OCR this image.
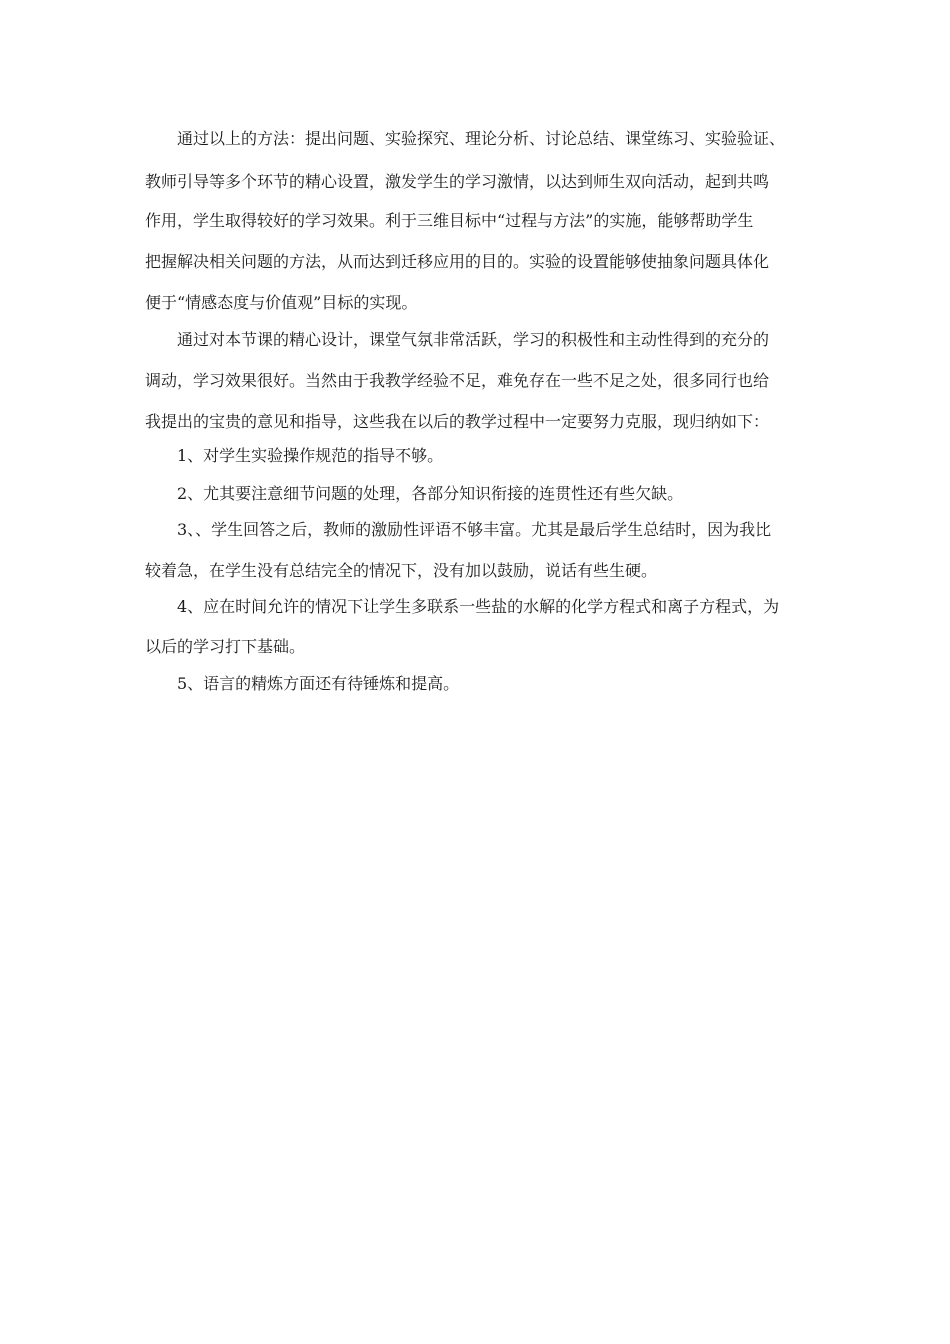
通过以上的方法：提出问题、实验探究、理论分析、讨论总结、课堂练习、实验验证、

教师引导等多个环节的精心设置，激发学生的学习激情，以达到师生双向活动，起到共鸣

作用，学生取得较好的学习效果。利于三维目标中“过程与方法”的实施，能够帮助学生

把握解决相关问题的方法，从而达到迁移应用的目的。实验的设置能够使抽象问题具体化

便于“情感态度与价值观”目标的实现。

通过对本节课的精心设计，课堂气氛非常活跃，学习的积极性和主动性得到的充分的

调动，学习效果很好。当然由于我教学经验不足，难免存在一些不足之处，很多同行也给

我提出的宝贵的意见和指导，这些我在以后的教学过程中一定要努力克服，现归纳如下：

1、对学生实验操作规范的指导不够。

2、尤其要注意细节问题的处理，各部分知识衔接的连贯性还有些欠缺。

3、、学生回答之后，教师的激励性评语不够丰富。尤其是最后学生总结时，因为我比

较着急，在学生没有总结完全的情况下，没有加以鼓励，说话有些生硬。

4、应在时间允许的情况下让学生多联系一些盐的水解的化学方程式和离子方程式，为

以后的学习打下基础。

5、语言的精炼方面还有待锤炼和提高。
